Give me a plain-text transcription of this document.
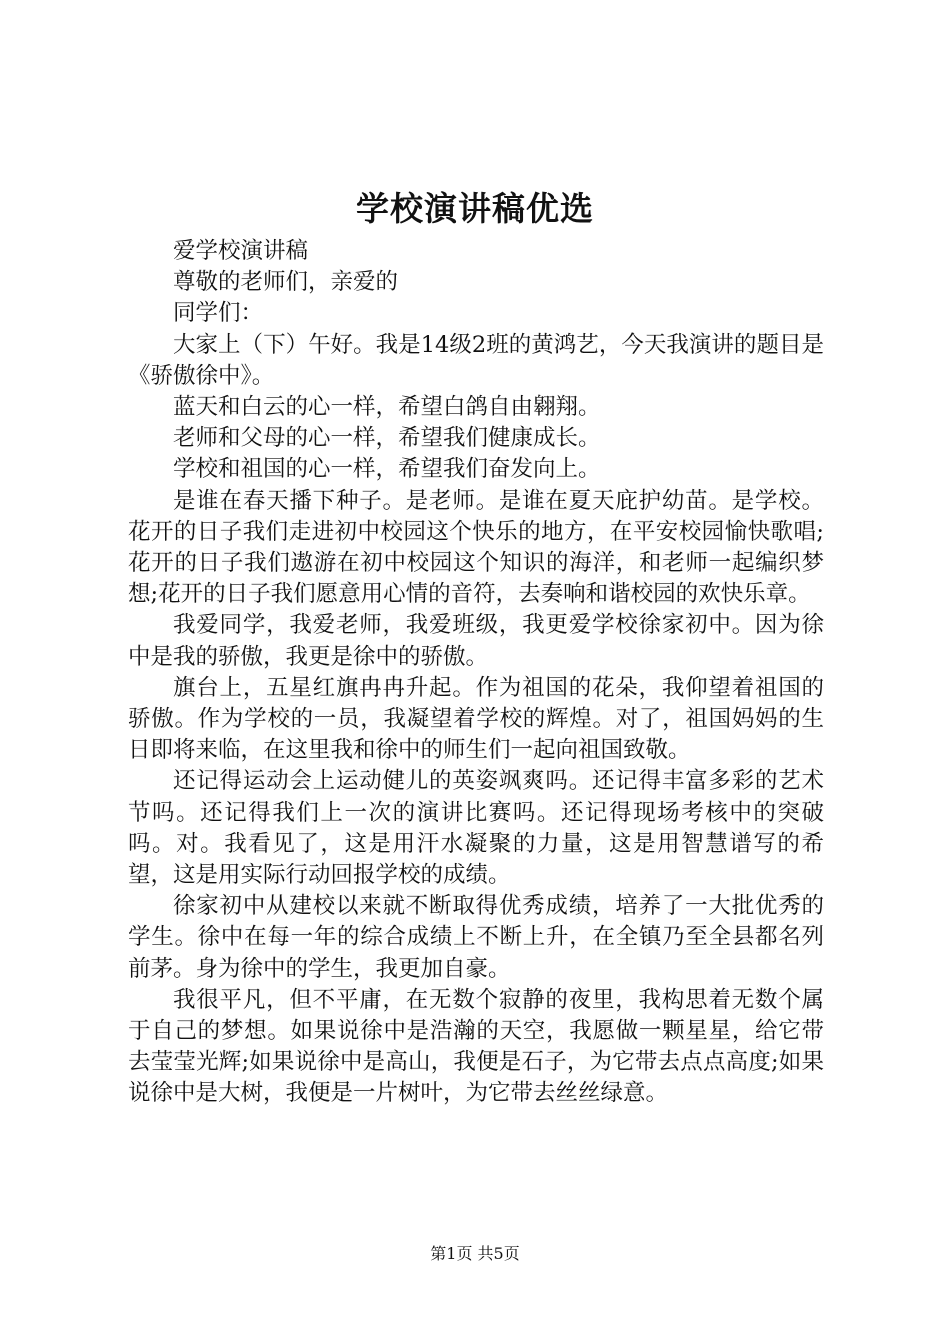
学校演讲稿优选

爱学校演讲稿

尊敬的老师们，亲爱的

同学们：

大家上（下）午好。我是14级2班的黄鸿艺，今天我演讲的题目是《骄傲徐中》。

蓝天和白云的心一样，希望白鸽自由翱翔。

老师和父母的心一样，希望我们健康成长。

学校和祖国的心一样，希望我们奋发向上。

是谁在春天播下种子。是老师。是谁在夏天庇护幼苗。是学校。花开的日子我们走进初中校园这个快乐的地方，在平安校园愉快歌唱;花开的日子我们遨游在初中校园这个知识的海洋，和老师一起编织梦想;花开的日子我们愿意用心情的音符，去奏响和谐校园的欢快乐章。

我爱同学，我爱老师，我爱班级，我更爱学校徐家初中。因为徐中是我的骄傲，我更是徐中的骄傲。

旗台上，五星红旗冉冉升起。作为祖国的花朵，我仰望着祖国的骄傲。作为学校的一员，我凝望着学校的辉煌。对了，祖国妈妈的生日即将来临，在这里我和徐中的师生们一起向祖国致敬。

还记得运动会上运动健儿的英姿飒爽吗。还记得丰富多彩的艺术节吗。还记得我们上一次的演讲比赛吗。还记得现场考核中的突破吗。对。我看见了，这是用汗水凝聚的力量，这是用智慧谱写的希望，这是用实际行动回报学校的成绩。

徐家初中从建校以来就不断取得优秀成绩，培养了一大批优秀的学生。徐中在每一年的综合成绩上不断上升，在全镇乃至全县都名列前茅。身为徐中的学生，我更加自豪。

我很平凡，但不平庸，在无数个寂静的夜里，我构思着无数个属于自己的梦想。如果说徐中是浩瀚的天空，我愿做一颗星星，给它带去莹莹光辉;如果说徐中是高山，我便是石子，为它带去点点高度;如果说徐中是大树，我便是一片树叶，为它带去丝丝绿意。

第1页 共5页
